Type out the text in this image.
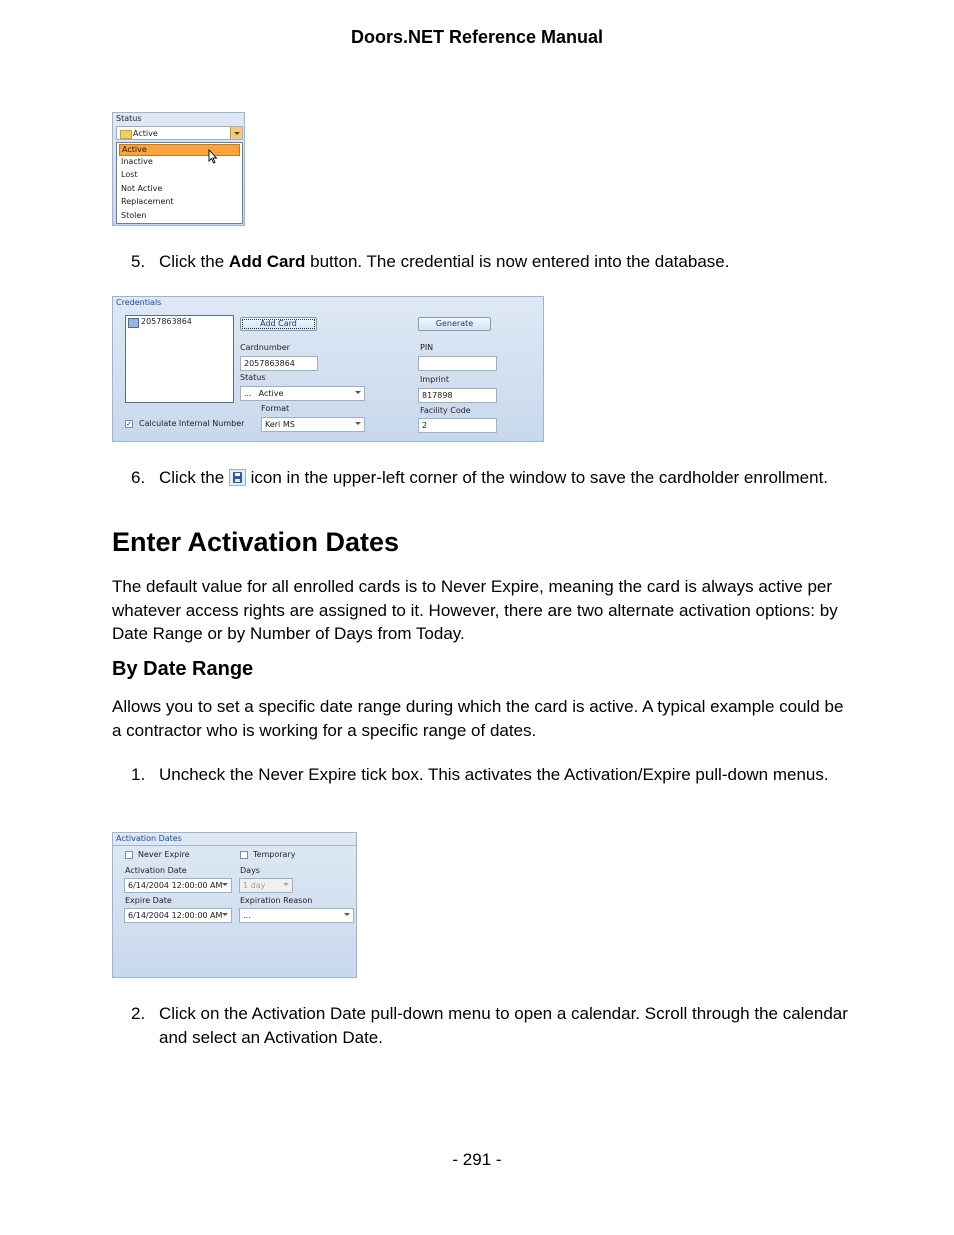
Doors.NET Reference Manual
Status
Active
Active
Inactive
Lost
Not Active
Replacement
Stolen
5. Click the Add Card button. The credential is now entered into the database.
Credentials
2057863864
✓ Calculate Internal Number
Add Card
Cardnumber
2057863864
Status
... Active
Format
Keri MS
Generate
PIN
Imprint
817898
Facility Code
2
6. Click the
icon in the upper-left corner of the window to save the cardholder enrollment.
Enter Activation Dates
The default value for all enrolled cards is to Never Expire, meaning the card is always active per whatever access rights are assigned to it. However, there are two alternate activation options: by Date Range or by Number of Days from Today.
By Date Range
Allows you to set a specific date range during which the card is active. A typical example could be a contractor who is working for a specific range of dates.
1. Uncheck the Never Expire tick box. This activates the Activation/Expire pull-down menus.
Activation Dates
Never Expire	Temporary
Activation Date
6/14/2004 12:00:00 AM
Days
1 day
Expire Date
6/14/2004 12:00:00 AM
Expiration Reason
...
2. Click on the Activation Date pull-down menu to open a calendar. Scroll through the calendar and select an Activation Date.
- 291 -
